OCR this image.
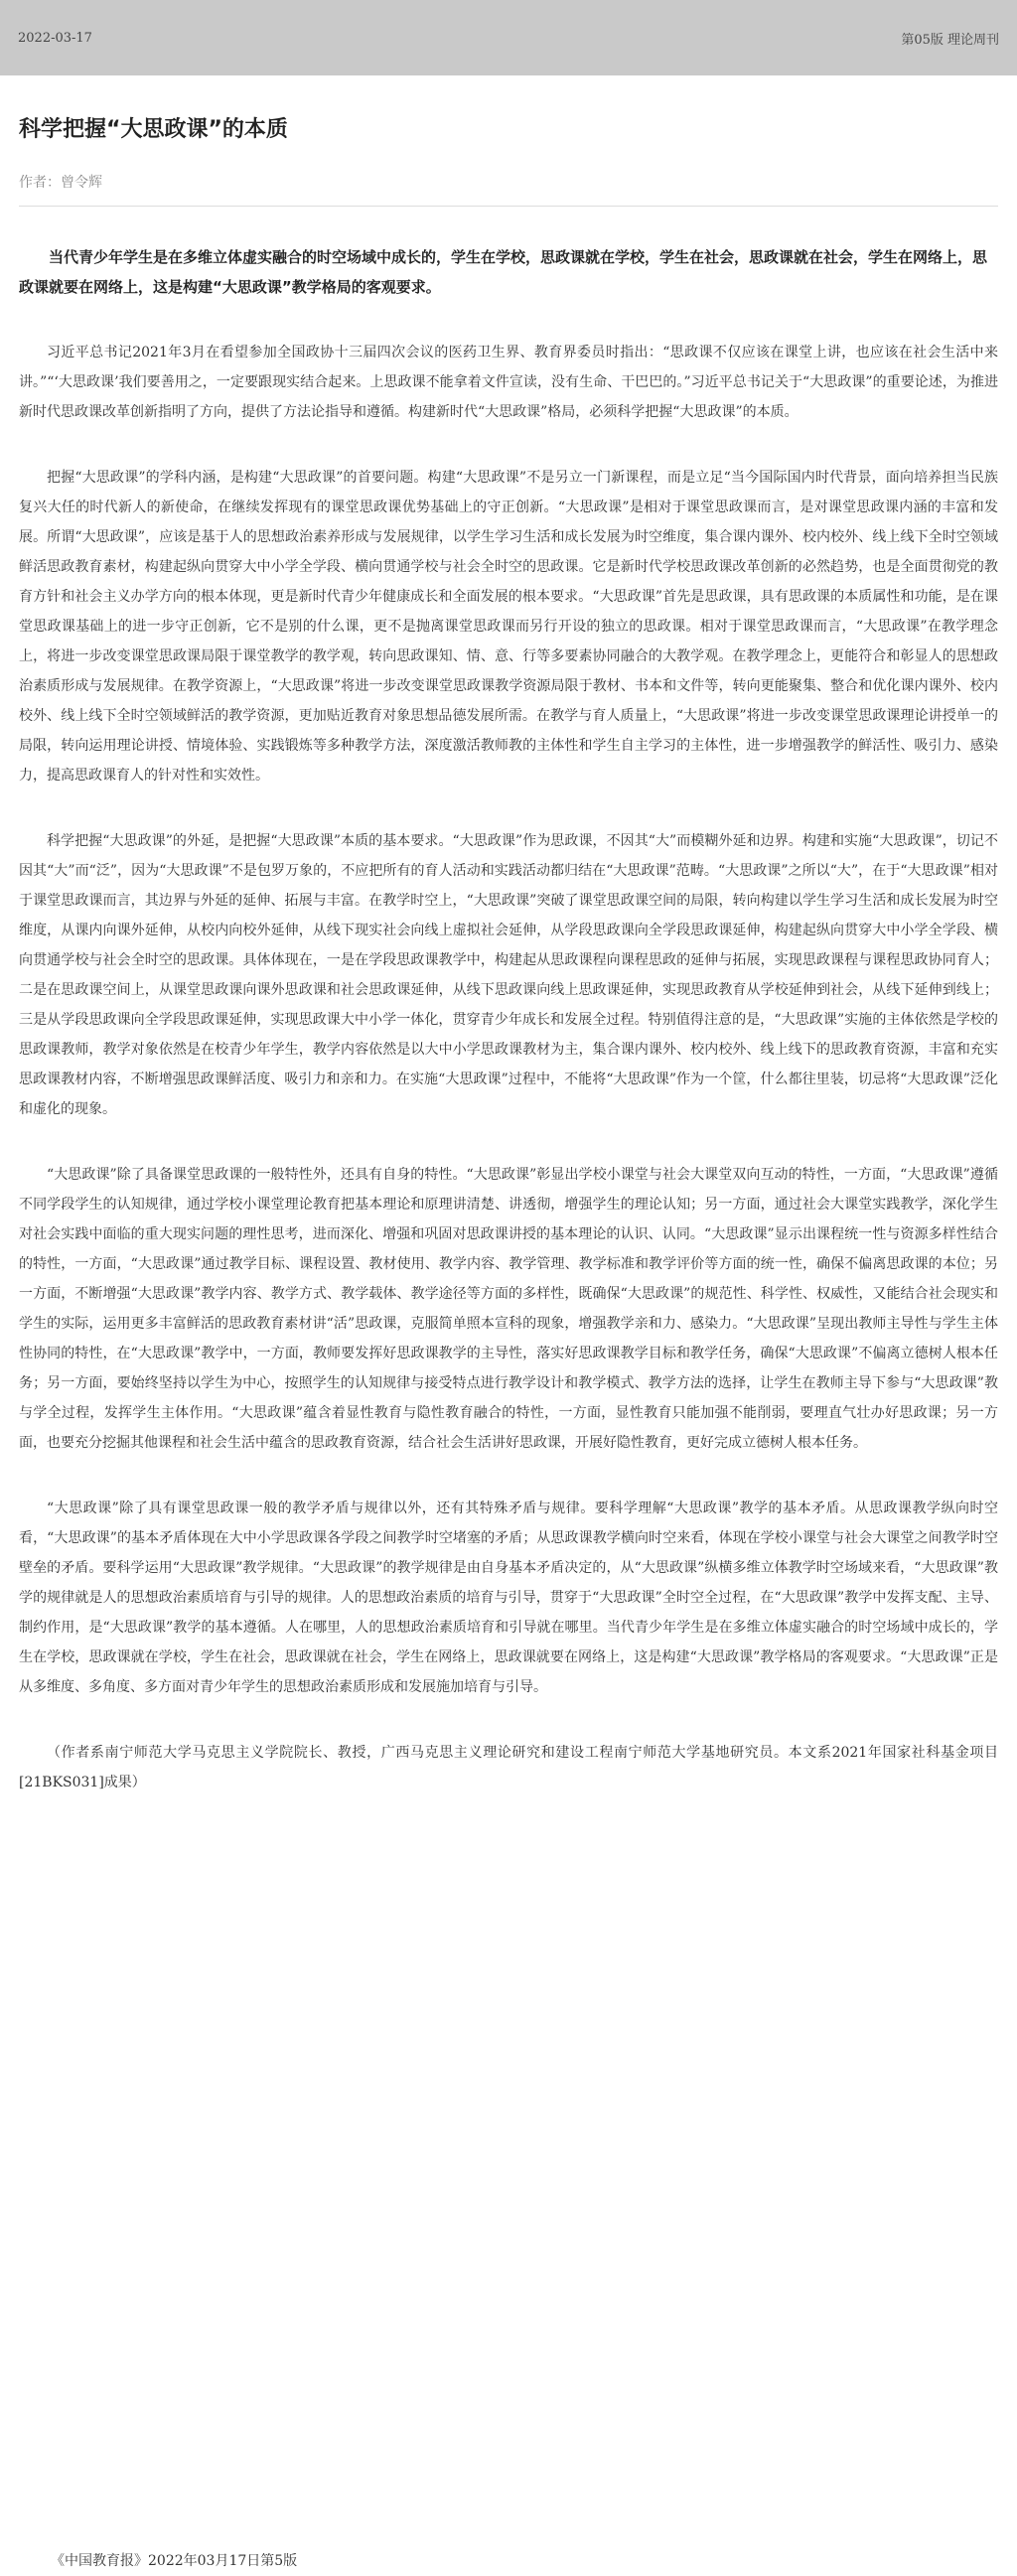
2022-03-17	第05版 理论周刊
科学把握“大思政课”的本质
作者：曾令辉

当代青少年学生是在多维立体虚实融合的时空场域中成长的，学生在学校，思政课就在学校，学生在社会，思政课就在社会，学生在网络上，思政课就要在网络上，这是构建“大思政课”教学格局的客观要求。

习近平总书记2021年3月在看望参加全国政协十三届四次会议的医药卫生界、教育界委员时指出：“思政课不仅应该在课堂上讲，也应该在社会生活中来讲。”“‘大思政课’我们要善用之，一定要跟现实结合起来。上思政课不能拿着文件宣读，没有生命、干巴巴的。”习近平总书记关于“大思政课”的重要论述，为推进新时代思政课改革创新指明了方向，提供了方法论指导和遵循。构建新时代“大思政课”格局，必须科学把握“大思政课”的本质。

把握“大思政课”的学科内涵，是构建“大思政课”的首要问题。构建“大思政课”不是另立一门新课程，而是立足“当今国际国内时代背景，面向培养担当民族复兴大任的时代新人的新使命，在继续发挥现有的课堂思政课优势基础上的守正创新。“大思政课”是相对于课堂思政课而言，是对课堂思政课内涵的丰富和发展。所谓“大思政课”，应该是基于人的思想政治素养形成与发展规律，以学生学习生活和成长发展为时空维度，集合课内课外、校内校外、线上线下全时空领域鲜活思政教育素材，构建起纵向贯穿大中小学全学段、横向贯通学校与社会全时空的思政课。它是新时代学校思政课改革创新的必然趋势，也是全面贯彻党的教育方针和社会主义办学方向的根本体现，更是新时代青少年健康成长和全面发展的根本要求。“大思政课”首先是思政课，具有思政课的本质属性和功能，是在课堂思政课基础上的进一步守正创新，它不是别的什么课，更不是抛离课堂思政课而另行开设的独立的思政课。相对于课堂思政课而言，“大思政课”在教学理念上，将进一步改变课堂思政课局限于课堂教学的教学观，转向思政课知、情、意、行等多要素协同融合的大教学观。在教学理念上，更能符合和彰显人的思想政治素质形成与发展规律。在教学资源上，“大思政课”将进一步改变课堂思政课教学资源局限于教材、书本和文件等，转向更能聚集、整合和优化课内课外、校内校外、线上线下全时空领域鲜活的教学资源，更加贴近教育对象思想品德发展所需。在教学与育人质量上，“大思政课”将进一步改变课堂思政课理论讲授单一的局限，转向运用理论讲授、情境体验、实践锻炼等多种教学方法，深度激活教师教的主体性和学生自主学习的主体性，进一步增强教学的鲜活性、吸引力、感染力，提高思政课育人的针对性和实效性。

科学把握“大思政课”的外延，是把握“大思政课”本质的基本要求。“大思政课”作为思政课，不因其“大”而模糊外延和边界。构建和实施“大思政课”，切记不因其“大”而“泛”，因为“大思政课”不是包罗万象的，不应把所有的育人活动和实践活动都归结在“大思政课”范畴。“大思政课”之所以“大”，在于“大思政课”相对于课堂思政课而言，其边界与外延的延伸、拓展与丰富。在教学时空上，“大思政课”突破了课堂思政课空间的局限，转向构建以学生学习生活和成长发展为时空维度，从课内向课外延伸，从校内向校外延伸，从线下现实社会向线上虚拟社会延伸，从学段思政课向全学段思政课延伸，构建起纵向贯穿大中小学全学段、横向贯通学校与社会全时空的思政课。具体体现在，一是在学段思政课教学中，构建起从思政课程向课程思政的延伸与拓展，实现思政课程与课程思政协同育人；二是在思政课空间上，从课堂思政课向课外思政课和社会思政课延伸，从线下思政课向线上思政课延伸，实现思政教育从学校延伸到社会，从线下延伸到线上；三是从学段思政课向全学段思政课延伸，实现思政课大中小学一体化，贯穿青少年成长和发展全过程。特别值得注意的是，“大思政课”实施的主体依然是学校的思政课教师，教学对象依然是在校青少年学生，教学内容依然是以大中小学思政课教材为主，集合课内课外、校内校外、线上线下的思政教育资源，丰富和充实思政课教材内容，不断增强思政课鲜活度、吸引力和亲和力。在实施“大思政课”过程中，不能将“大思政课”作为一个筐，什么都往里装，切忌将“大思政课”泛化和虚化的现象。

“大思政课”除了具备课堂思政课的一般特性外，还具有自身的特性。“大思政课”彰显出学校小课堂与社会大课堂双向互动的特性，一方面，“大思政课”遵循不同学段学生的认知规律，通过学校小课堂理论教育把基本理论和原理讲清楚、讲透彻，增强学生的理论认知；另一方面，通过社会大课堂实践教学，深化学生对社会实践中面临的重大现实问题的理性思考，进而深化、增强和巩固对思政课讲授的基本理论的认识、认同。“大思政课”显示出课程统一性与资源多样性结合的特性，一方面，“大思政课”通过教学目标、课程设置、教材使用、教学内容、教学管理、教学标准和教学评价等方面的统一性，确保不偏离思政课的本位；另一方面，不断增强“大思政课”教学内容、教学方式、教学载体、教学途径等方面的多样性，既确保“大思政课”的规范性、科学性、权威性，又能结合社会现实和学生的实际，运用更多丰富鲜活的思政教育素材讲“活”思政课，克服简单照本宣科的现象，增强教学亲和力、感染力。“大思政课”呈现出教师主导性与学生主体性协同的特性，在“大思政课”教学中，一方面，教师要发挥好思政课教学的主导性，落实好思政课教学目标和教学任务，确保“大思政课”不偏离立德树人根本任务；另一方面，要始终坚持以学生为中心，按照学生的认知规律与接受特点进行教学设计和教学模式、教学方法的选择，让学生在教师主导下参与“大思政课”教与学全过程，发挥学生主体作用。“大思政课”蕴含着显性教育与隐性教育融合的特性，一方面，显性教育只能加强不能削弱，要理直气壮办好思政课；另一方面，也要充分挖掘其他课程和社会生活中蕴含的思政教育资源，结合社会生活讲好思政课，开展好隐性教育，更好完成立德树人根本任务。

“大思政课”除了具有课堂思政课一般的教学矛盾与规律以外，还有其特殊矛盾与规律。要科学理解“大思政课”教学的基本矛盾。从思政课教学纵向时空看，“大思政课”的基本矛盾体现在大中小学思政课各学段之间教学时空堵塞的矛盾；从思政课教学横向时空来看，体现在学校小课堂与社会大课堂之间教学时空壁垒的矛盾。要科学运用“大思政课”教学规律。“大思政课”的教学规律是由自身基本矛盾决定的，从“大思政课”纵横多维立体教学时空场域来看，“大思政课”教学的规律就是人的思想政治素质培育与引导的规律。人的思想政治素质的培育与引导，贯穿于“大思政课”全时空全过程，在“大思政课”教学中发挥支配、主导、制约作用，是“大思政课”教学的基本遵循。人在哪里，人的思想政治素质培育和引导就在哪里。当代青少年学生是在多维立体虚实融合的时空场域中成长的，学生在学校，思政课就在学校，学生在社会，思政课就在社会，学生在网络上，思政课就要在网络上，这是构建“大思政课”教学格局的客观要求。“大思政课”正是从多维度、多角度、多方面对青少年学生的思想政治素质形成和发展施加培育与引导。

（作者系南宁师范大学马克思主义学院院长、教授，广西马克思主义理论研究和建设工程南宁师范大学基地研究员。本文系2021年国家社科基金项目[21BKS031]成果）

《中国教育报》2022年03月17日第5版
